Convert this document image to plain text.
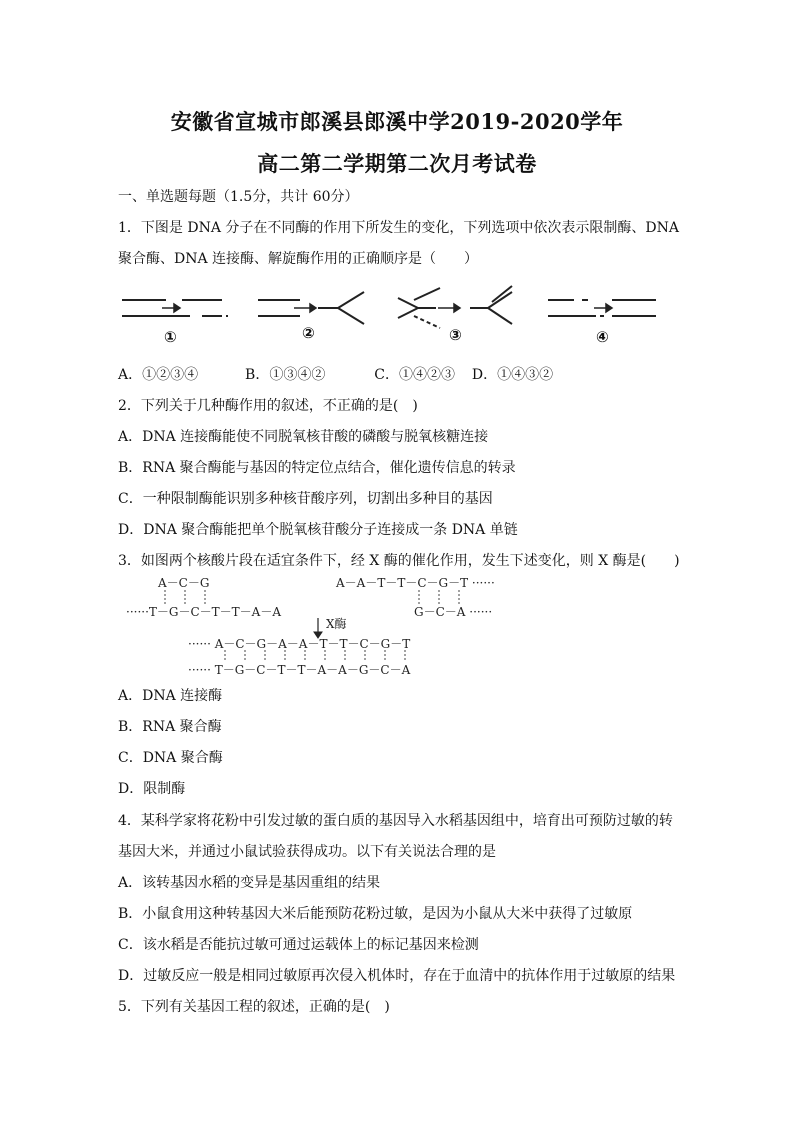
安徽省宣城市郎溪县郎溪中学2019-2020学年
高二第二学期第二次月考试卷
一、单选题每题（1.5分，共计 60分）
1．下图是 DNA 分子在不同酶的作用下所发生的变化，下列选项中依次表示限制酶、DNA
聚合酶、DNA 连接酶、解旋酶作用的正确顺序是（　　）
①	②	③	④
A．①②③④	B．①③④②	C．①④②③ D．①④③②
2．下列关于几种酶作用的叙述，不正确的是(　)
A．DNA 连接酶能使不同脱氧核苷酸的磷酸与脱氧核糖连接
B．RNA 聚合酶能与基因的特定位点结合，催化遗传信息的转录
C．一种限制酶能识别多种核苷酸序列，切割出多种目的基因
D．DNA 聚合酶能把单个脱氧核苷酸分子连接成一条 DNA 单链
3．如图两个核酸片段在适宜条件下，经 X 酶的催化作用，发生下述变化，则 X 酶是(　　)
A－C－G
······T－G－C－T－T－A－A
A－A－T－T－C－G－T ······
G－C－A ······
X酶
······ A－C－G－A－A－T－T－C－G－T
······ T－G－C－T－T－A－A－G－C－A
A．DNA 连接酶
B．RNA 聚合酶
C．DNA 聚合酶
D．限制酶
4．某科学家将花粉中引发过敏的蛋白质的基因导入水稻基因组中，培育出可预防过敏的转
基因大米，并通过小鼠试验获得成功。以下有关说法合理的是
A．该转基因水稻的变异是基因重组的结果
B．小鼠食用这种转基因大米后能预防花粉过敏，是因为小鼠从大米中获得了过敏原
C．该水稻是否能抗过敏可通过运载体上的标记基因来检测
D．过敏反应一般是相同过敏原再次侵入机体时，存在于血清中的抗体作用于过敏原的结果
5．下列有关基因工程的叙述，正确的是(　)
